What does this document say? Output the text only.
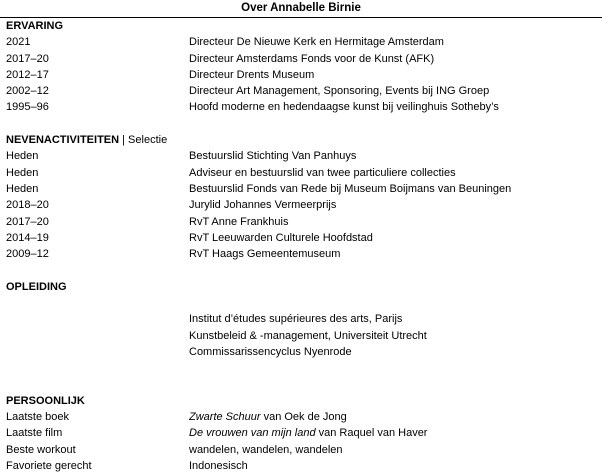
Over Annabelle Birnie
ERVARING
2021	Directeur De Nieuwe Kerk en Hermitage Amsterdam
2017–20	Directeur Amsterdams Fonds voor de Kunst (AFK)
2012–17	Directeur Drents Museum
2002–12	Directeur Art Management, Sponsoring, Events bij ING Groep
1995–96	Hoofd moderne en hedendaagse kunst bij veilinghuis Sotheby’s
NEVENACTIVITEITEN | Selectie
Heden	Bestuurslid Stichting Van Panhuys
Heden	Adviseur en bestuurslid van twee particuliere collecties
Heden	Bestuurslid Fonds van Rede bij Museum Boijmans van Beuningen
2018–20	Jurylid Johannes Vermeerprijs
2017–20	RvT Anne Frankhuis
2014–19	RvT Leeuwarden Culturele Hoofdstad
2009–12	RvT Haags Gemeentemuseum
OPLEIDING
Institut d’études supérieures des arts, Parijs
Kunstbeleid & -management, Universiteit Utrecht
Commissarissencyclus Nyenrode
PERSOONLIJK
Laatste boek	Zwarte Schuur van Oek de Jong
Laatste film	De vrouwen van mijn land van Raquel van Haver
Beste workout	wandelen, wandelen, wandelen
Favoriete gerecht	Indonesisch
